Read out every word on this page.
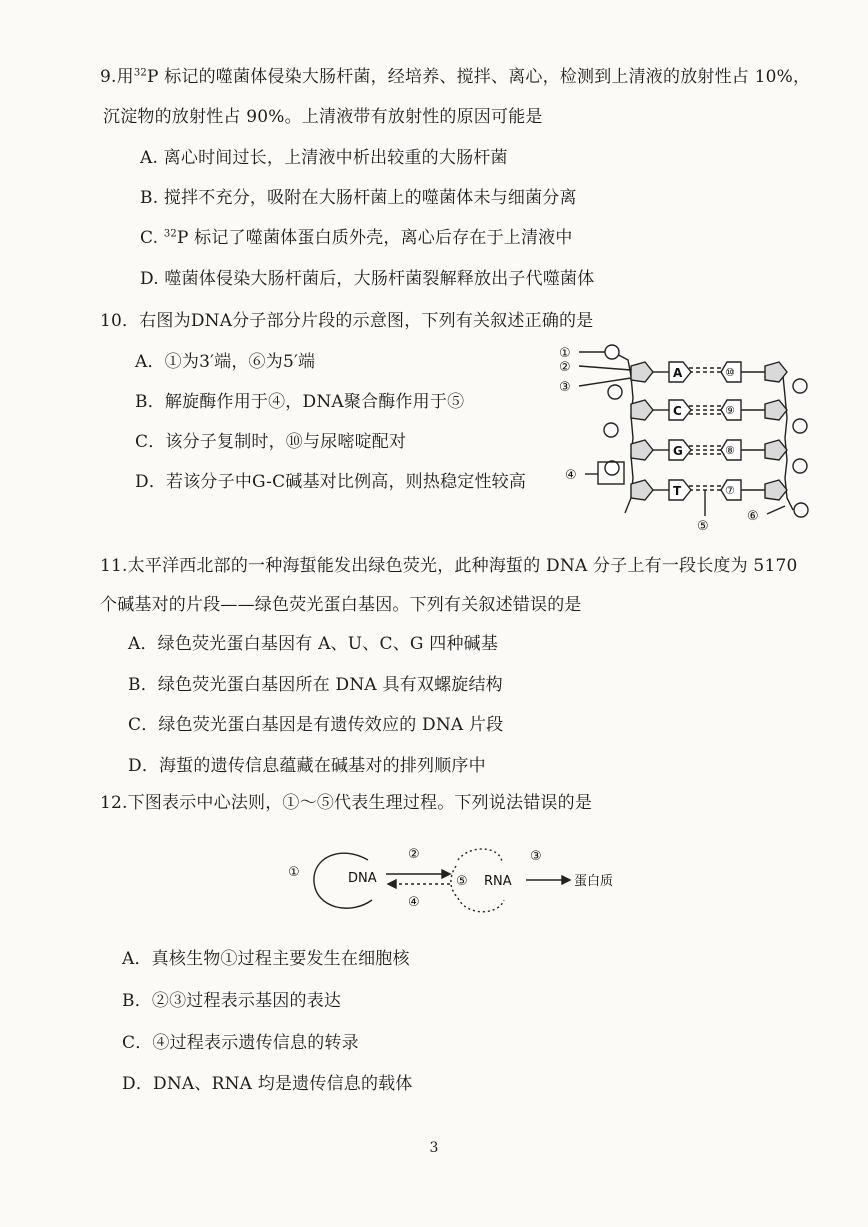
9.用$^{32}$P 标记的噬菌体侵染大肠杆菌，经培养、搅拌、离心，检测到上清液的放射性占 10%，
沉淀物的放射性占 90%。上清液带有放射性的原因可能是
A. 离心时间过长，上清液中析出较重的大肠杆菌
B. 搅拌不充分，吸附在大肠杆菌上的噬菌体未与细菌分离
C. $^{32}$P 标记了噬菌体蛋白质外壳，离心后存在于上清液中
D. 噬菌体侵染大肠杆菌后，大肠杆菌裂解释放出子代噬菌体
10．右图为DNA分子部分片段的示意图，下列有关叙述正确的是
A．①为3′端，⑥为5′端
B．解旋酶作用于④，DNA聚合酶作用于⑤
C．该分子复制时，⑩与尿嘧啶配对
D．若该分子中G-C碱基对比例高，则热稳定性较高
①
②
③
④
⑤
⑥
A
C
G
T
⑩
⑨
⑧
⑦
11.太平洋西北部的一种海蜇能发出绿色荧光，此种海蜇的 DNA 分子上有一段长度为 5170
个碱基对的片段——绿色荧光蛋白基因。下列有关叙述错误的是
A．绿色荧光蛋白基因有 A、U、C、G 四种碱基
B．绿色荧光蛋白基因所在 DNA 具有双螺旋结构
C．绿色荧光蛋白基因是有遗传效应的 DNA 片段
D．海蜇的遗传信息蕴藏在碱基对的排列顺序中
12.下图表示中心法则，①～⑤代表生理过程。下列说法错误的是
①	DNA
②
④
⑤ RNA
③
蛋白质
A．真核生物①过程主要发生在细胞核
B．②③过程表示基因的表达
C．④过程表示遗传信息的转录
D．DNA、RNA 均是遗传信息的载体
3
